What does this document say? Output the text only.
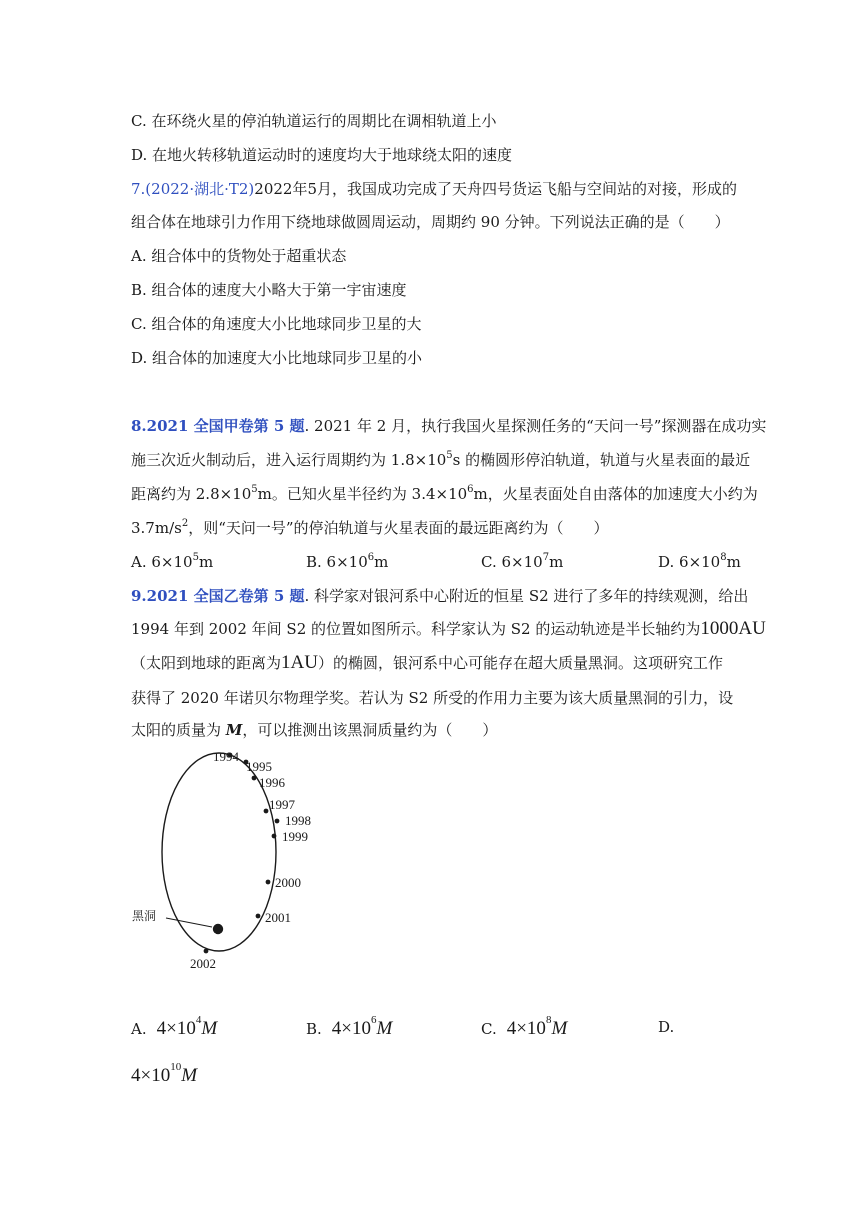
C. 在环绕火星的停泊轨道运行的周期比在调相轨道上小
D. 在地火转移轨道运动时的速度均大于地球绕太阳的速度
7.(2022·湖北·T2) 2022 年 5 月，我国成功完成了天舟四号货运飞船与空间站的对接，形成的
组合体在地球引力作用下绕地球做圆周运动，周期约 90 分钟。下列说法正确的是（　　）
A. 组合体中的货物处于超重状态
B. 组合体的速度大小略大于第一宇宙速度
C. 组合体的角速度大小比地球同步卫星的大
D. 组合体的加速度大小比地球同步卫星的小
8.2021 全国甲卷第 5 题. 2021 年 2 月，执行我国火星探测任务的“天问一号”探测器在成功实
施三次近火制动后，进入运行周期约为 $1.8\times 10^5s$ 的椭圆形停泊轨道，轨道与火星表面的最近
距离约为 $2.8\times 10^5m$。已知火星半径约为 $3.4\times 10^6m$，火星表面处自由落体的加速度大小约为
$3.7m/s^2$，则“天问一号”的停泊轨道与火星表面的最远距离约为（　　）
A. $6\times 10^5m$	B. $6\times 10^6m$	C. $6\times 10^7m$	D. $6\times 10^8m$
9.2021 全国乙卷第 5 题. 科学家对银河系中心附近的恒星 S2 进行了多年的持续观测，给出
1994 年到 2002 年间 S2 的位置如图所示。科学家认为 S2 的运动轨迹是半长轴约为1000AU
（太阳到地球的距离为1AU）的椭圆，银河系中心可能存在超大质量黑洞。这项研究工作
获得了 2020 年诺贝尔物理学奖。若认为 S2 所受的作用力主要为该大质量黑洞的引力，设
太阳的质量为 M，可以推测出该黑洞质量约为（　　）
黑洞
1994
1995
1996
1997
1998
1999
2000
2001
2002
A. $4\times 10^4M$	B. $4\times 10^6M$	C. $4\times 10^8M$	D.
$4\times 10^{10}M$
